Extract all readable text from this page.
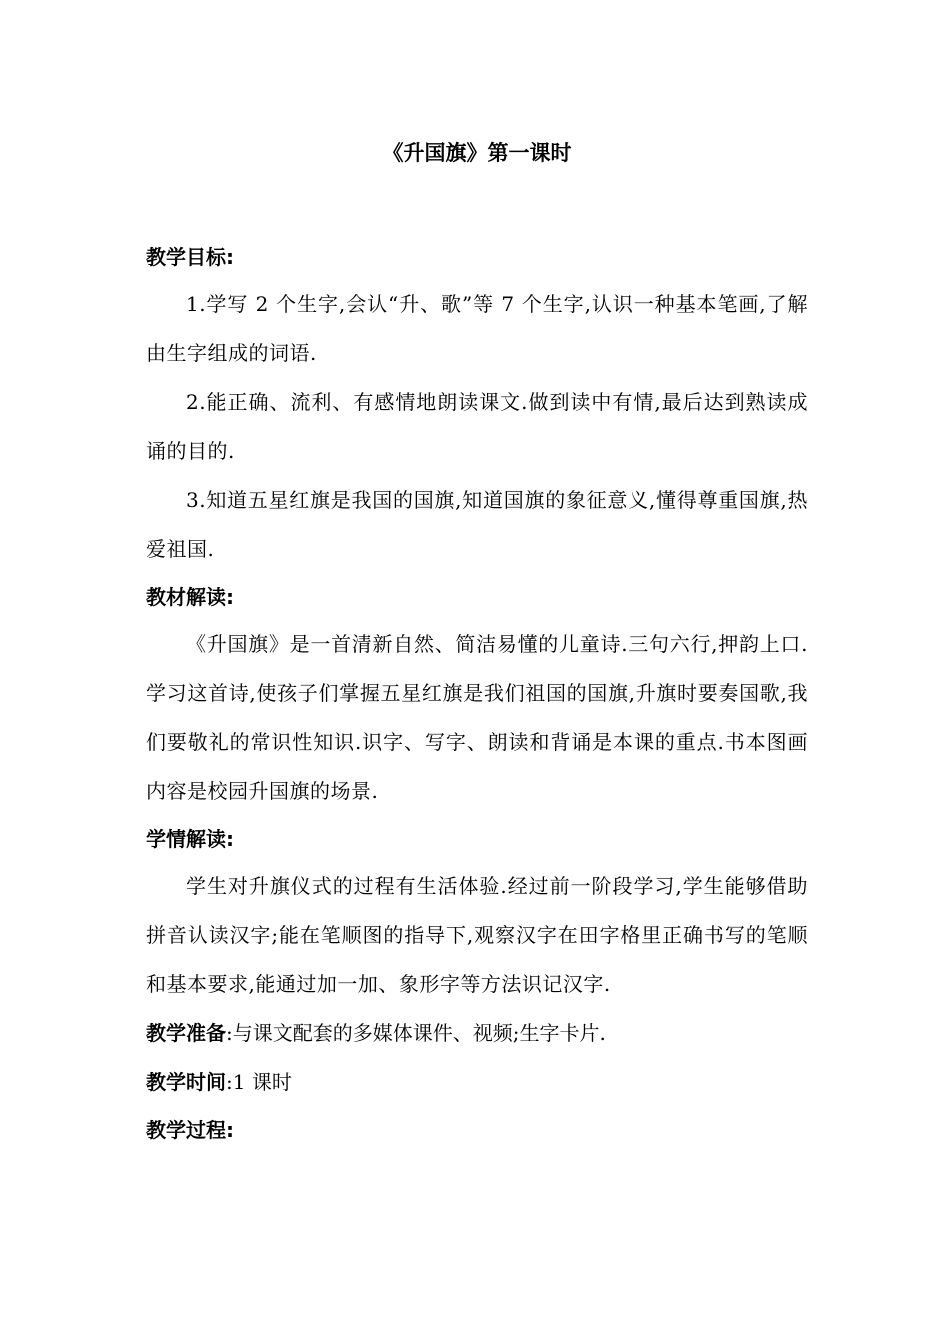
《升国旗》第一课时

教学目标:

1.学写 2 个生字,会认“升、歌”等 7 个生字,认识一种基本笔画,了解由生字组成的词语.

2.能正确、流利、有感情地朗读课文.做到读中有情,最后达到熟读成诵的目的.

3.知道五星红旗是我国的国旗,知道国旗的象征意义,懂得尊重国旗,热爱祖国.

教材解读:

《升国旗》是一首清新自然、简洁易懂的儿童诗.三句六行,押韵上口.学习这首诗,使孩子们掌握五星红旗是我们祖国的国旗,升旗时要奏国歌,我们要敬礼的常识性知识.识字、写字、朗读和背诵是本课的重点.书本图画内容是校园升国旗的场景.

学情解读:

学生对升旗仪式的过程有生活体验.经过前一阶段学习,学生能够借助拼音认读汉字;能在笔顺图的指导下,观察汉字在田字格里正确书写的笔顺和基本要求,能通过加一加、象形字等方法识记汉字.

教学准备:与课文配套的多媒体课件、视频;生字卡片.

教学时间:1 课时

教学过程:
